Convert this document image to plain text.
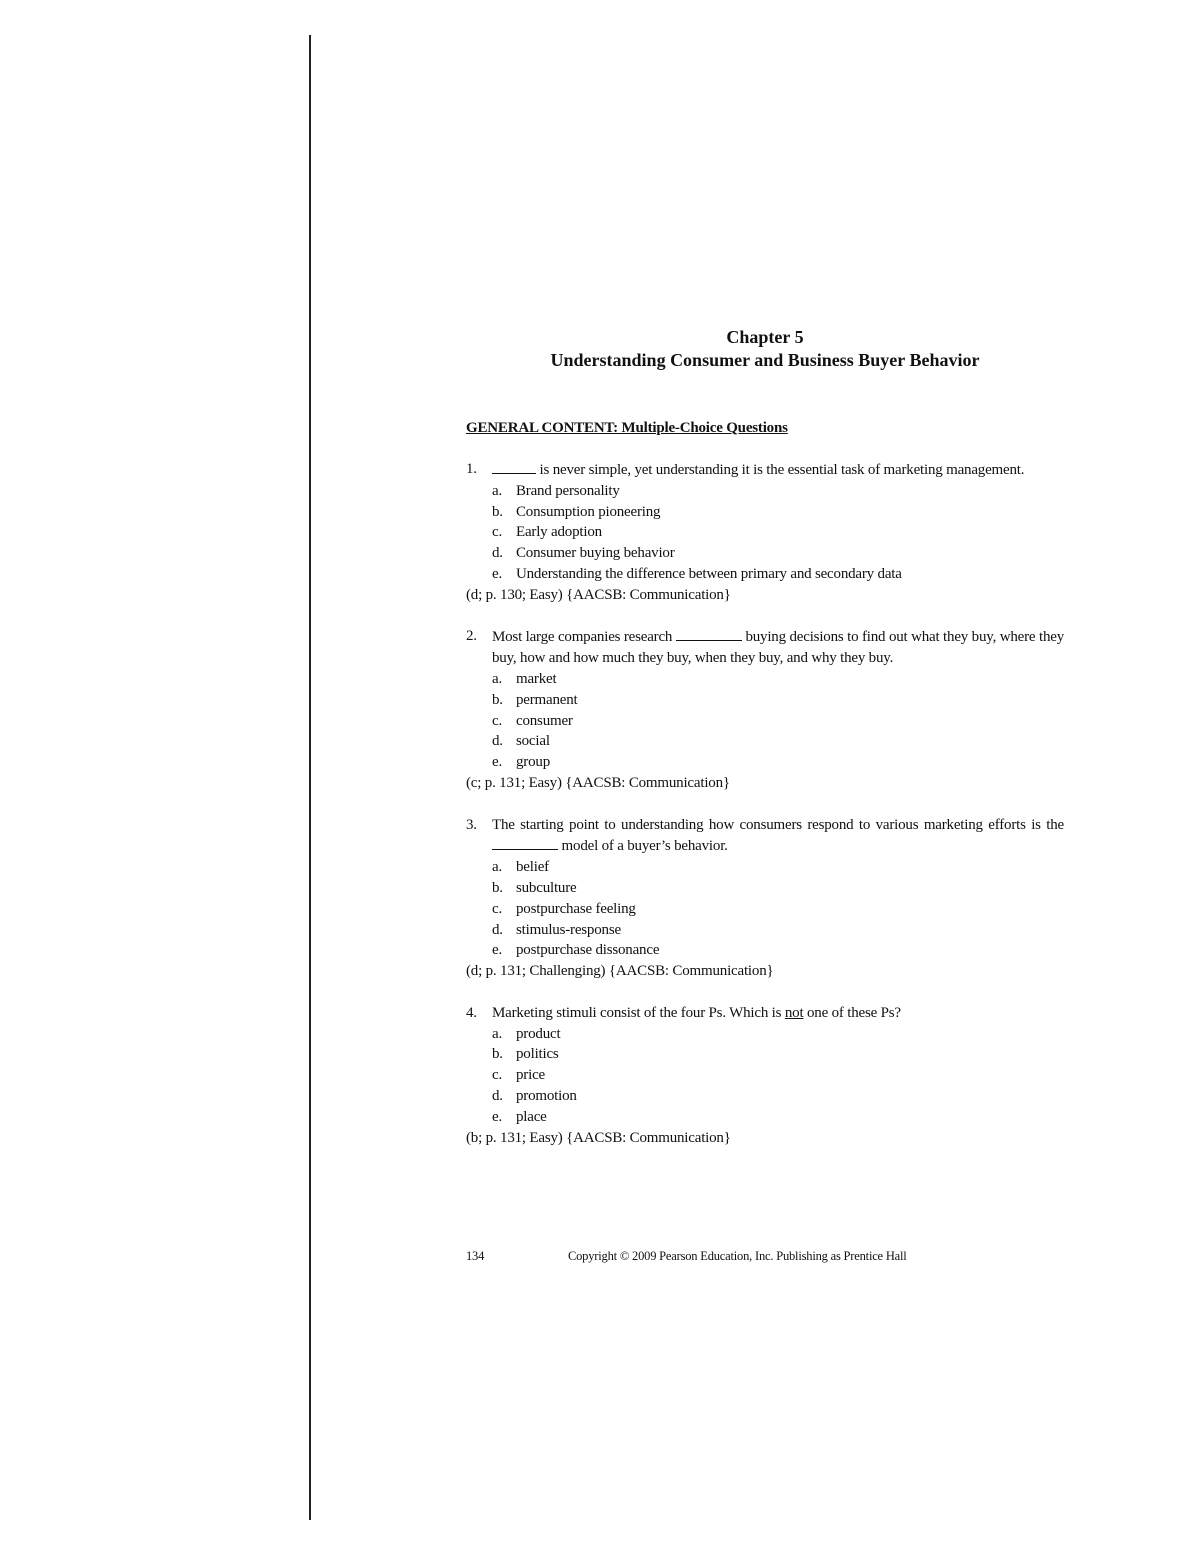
Chapter 5
Understanding Consumer and Business Buyer Behavior
GENERAL CONTENT: Multiple-Choice Questions
1.	is never simple, yet understanding it is the essential task of marketing management.
a. Brand personality
b. Consumption pioneering
c. Early adoption
d. Consumer buying behavior
e. Understanding the difference between primary and secondary data
(d; p. 130; Easy) {AACSB: Communication}
2.	Most large companies research	buying decisions to find out what they buy, where they buy, how and how much they buy, when they buy, and why they buy.
a. market
b. permanent
c. consumer
d. social
e. group
(c; p. 131; Easy) {AACSB: Communication}
3.	The starting point to understanding how consumers respond to various marketing efforts is the  model of a buyer’s behavior.
a. belief
b. subculture
c. postpurchase feeling
d. stimulus-response
e. postpurchase dissonance
(d; p. 131; Challenging) {AACSB: Communication}
4.	Marketing stimuli consist of the four Ps. Which is not one of these Ps?
a. product
b. politics
c. price
d. promotion
e. place
(b; p. 131; Easy) {AACSB: Communication}
134	Copyright © 2009 Pearson Education, Inc. Publishing as Prentice Hall
